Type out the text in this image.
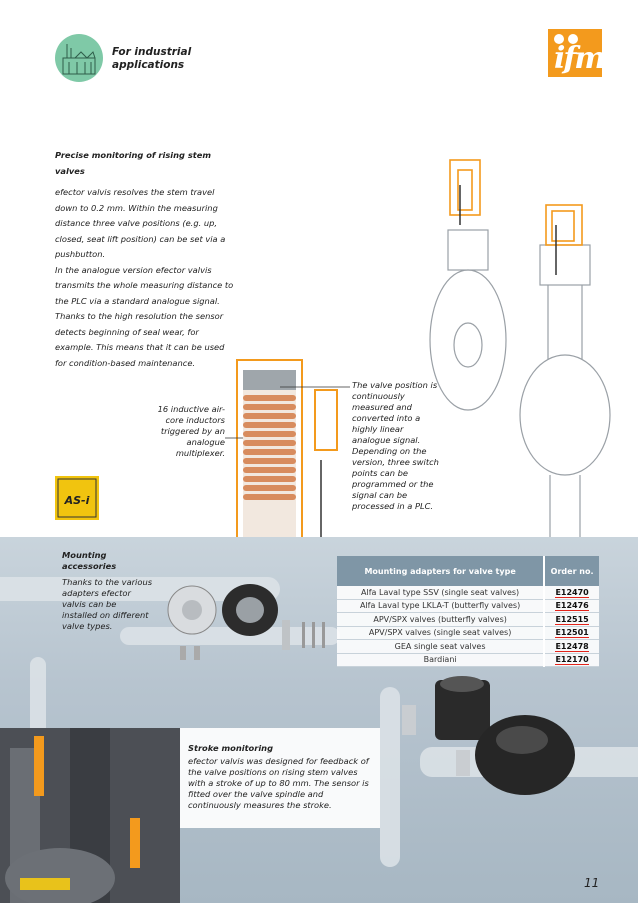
For industrial
applications	ifm
Precise monitoring of rising stem valves

efector valvis resolves the stem travel down to 0.2 mm. Within the measuring distance three valve positions (e.g. up, closed, seat lift position) can be set via a pushbutton.

In the analogue version efector valvis transmits the whole measuring distance to the PLC via a standard analogue signal.

Thanks to the high resolution the sensor detects beginning of seal wear, for example. This means that it can be used for condition-based maintenance.

The valve position is continuously measured and converted into a highly linear analogue signal. Depending on the version, three switch points can be programmed or the signal can be processed in a PLC.
16 inductive air-core inductors triggered by an analogue multiplexer.
AS-i
Mounting accessories
Thanks to the various adapters efector valvis can be installed on different valve types.
Mounting adapters for valve type	Order no.
Alfa Laval type SSV (single seat valves)	E12470
Alfa Laval type LKLA-T (butterfly valves)	E12476
APV/SPX valves (butterfly valves)	E12515
APV/SPX valves (single seat valves)	E12501
GEA single seat valves	E12478
Bardiani	E12170
Stroke monitoring
efector valvis was designed for feedback of the valve positions on rising stem valves with a stroke of up to 80 mm. The sensor is fitted over the valve spindle and continuously measures the stroke.
11
